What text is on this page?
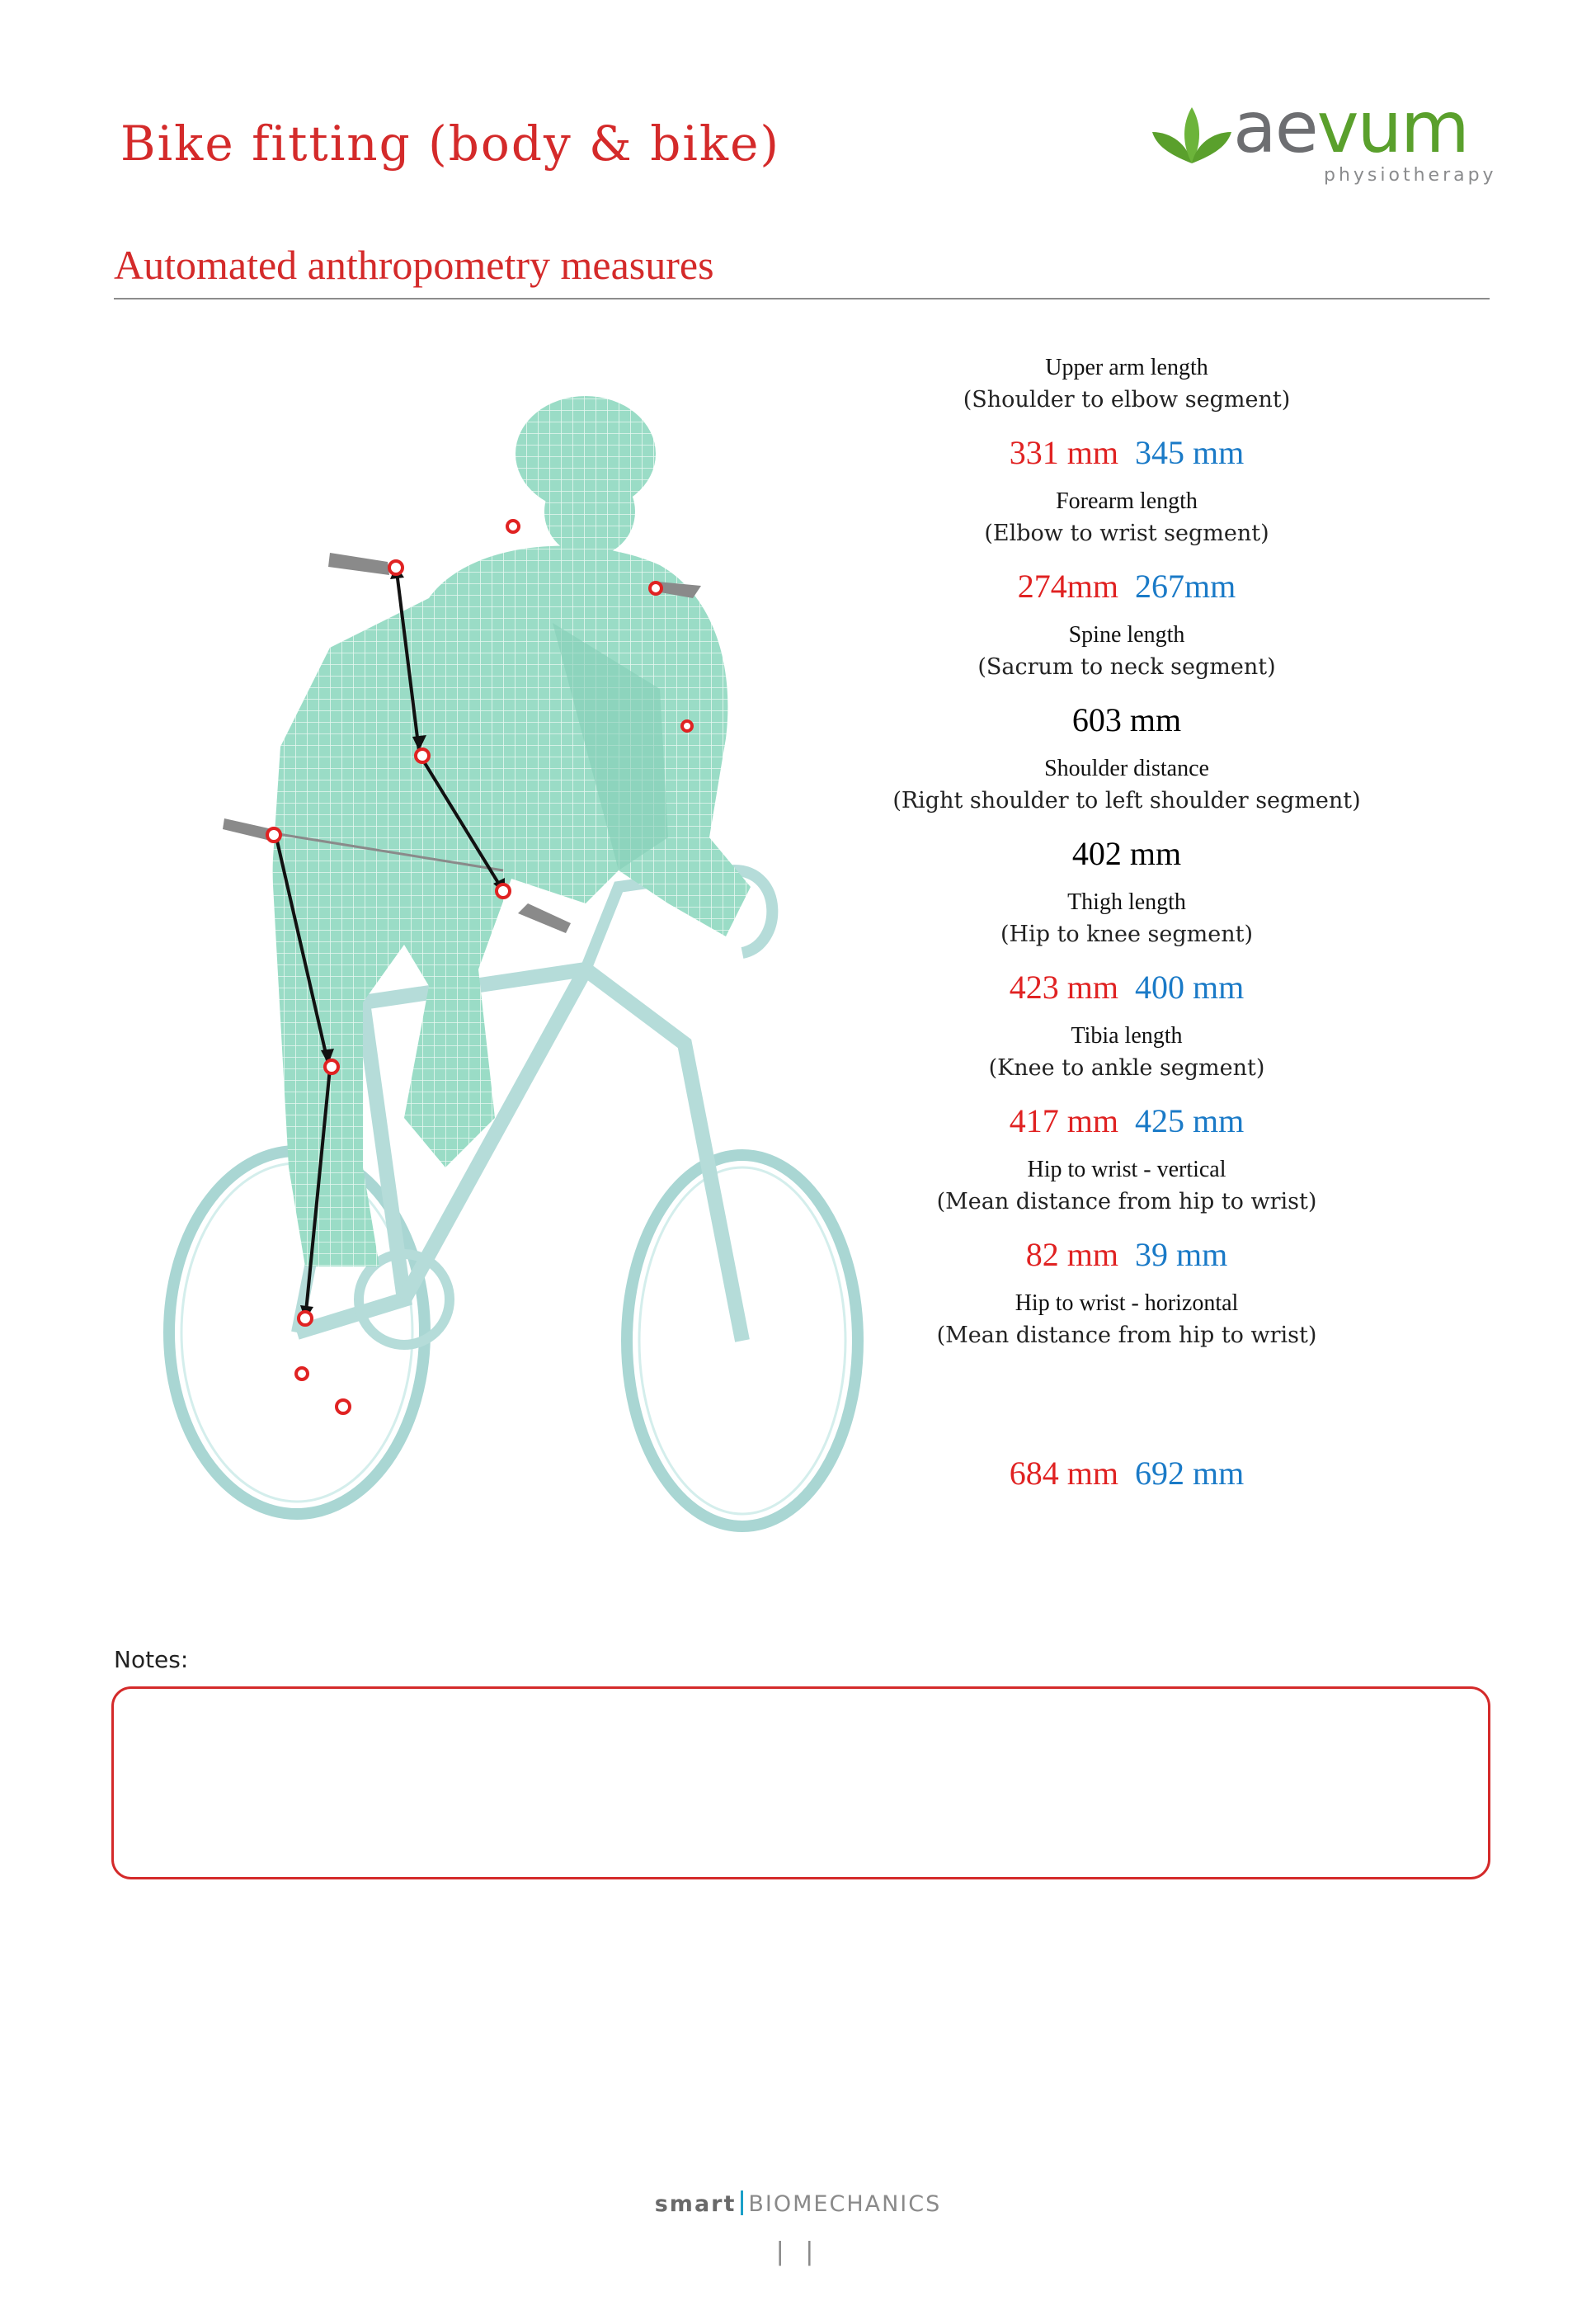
Bike fitting (body & bike)	aevum
physiotherapy
Automated anthropometry measures
Upper arm length
(Shoulder to elbow segment)
331 mm 345 mm
Forearm length
(Elbow to wrist segment)
274mm 267mm
Spine length
(Sacrum to neck segment)
603 mm
Shoulder distance
(Right shoulder to left shoulder segment)
402 mm
Thigh length
(Hip to knee segment)
423 mm 400 mm
Tibia length
(Knee to ankle segment)
417 mm 425 mm
Hip to wrist - vertical
(Mean distance from hip to wrist)
82 mm 39 mm
Hip to wrist - horizontal
(Mean distance from hip to wrist)
684 mm 692 mm
Notes:
smart BIOMECHANICS
| |
